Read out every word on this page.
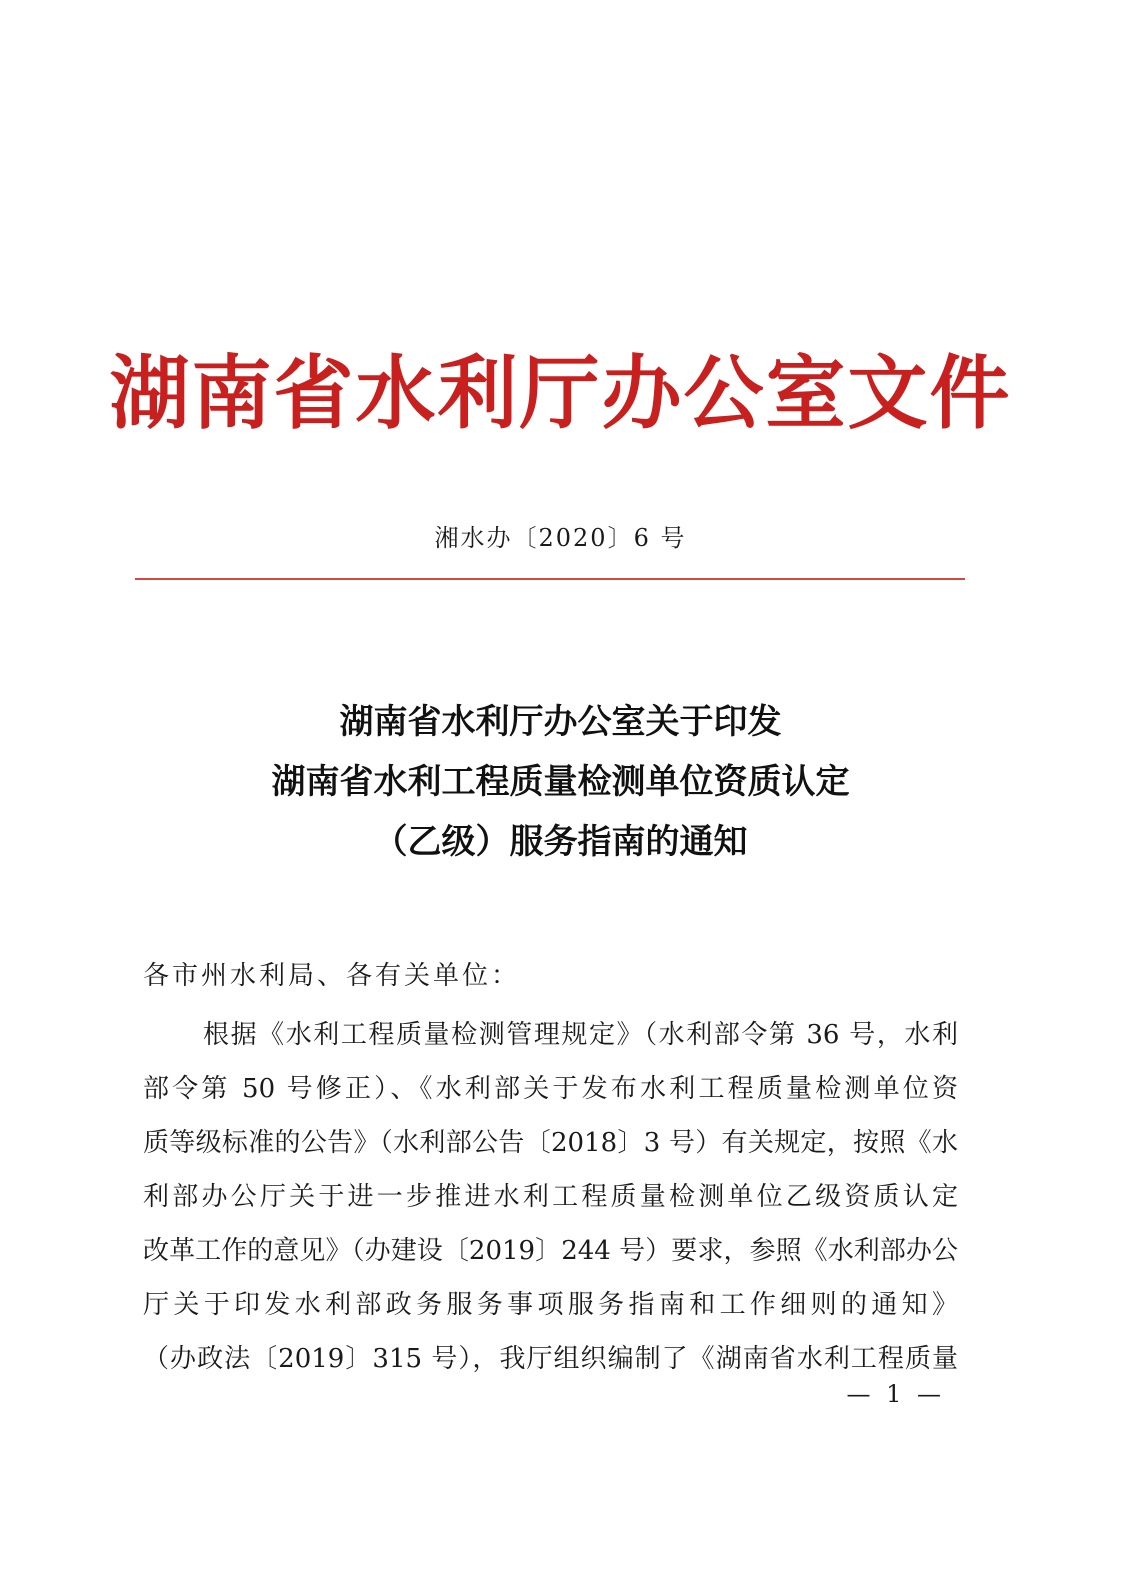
湖南省水利厅办公室文件
湘水办〔2020〕6 号
湖南省水利厅办公室关于印发
湖南省水利工程质量检测单位资质认定
（乙级）服务指南的通知
各市州水利局、各有关单位：
根据《水利工程质量检测管理规定》（水利部令第 36 号，水利
部令第 50 号修正）、《水利部关于发布水利工程质量检测单位资
质等级标准的公告》（水利部公告〔2018〕3 号）有关规定，按照《水
利部办公厅关于进一步推进水利工程质量检测单位乙级资质认定
改革工作的意见》（办建设〔2019〕244 号）要求，参照《水利部办公
厅关于印发水利部政务服务事项服务指南和工作细则的通知》
（办政法〔2019〕315 号），我厅组织编制了《湖南省水利工程质量
— 1 —
